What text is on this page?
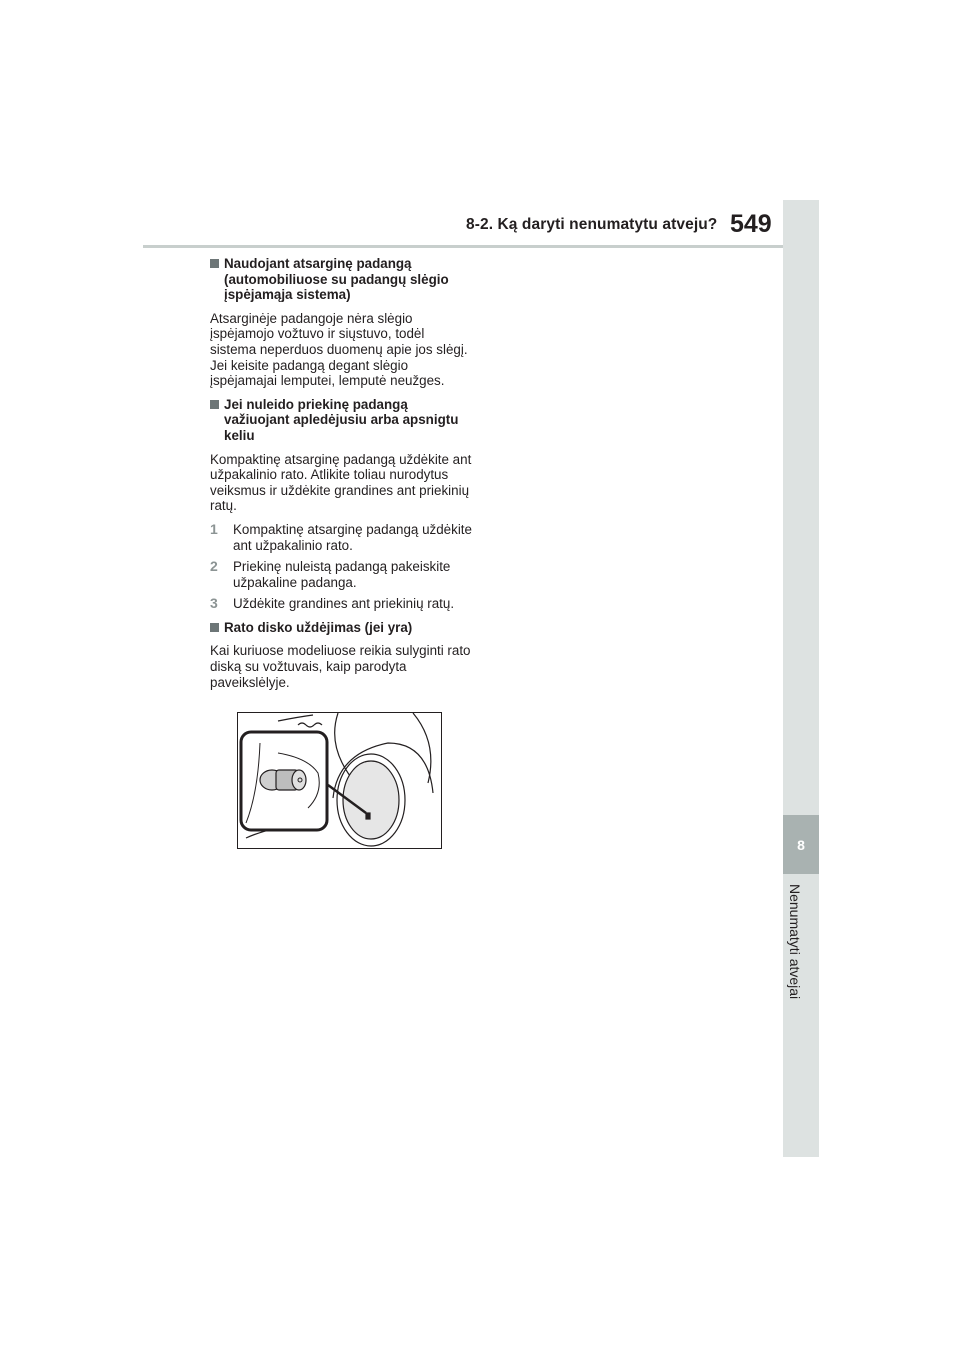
8-2. Ką daryti nenumatytu atveju? 549
8
Nenumatyti atvejai
Naudojant atsarginę padangą (automobiliuose su padangų slėgio įspėjamąja sistema)
Atsarginėje padangoje nėra slėgio įspėjamojo vožtuvo ir siųstuvo, todėl sistema neperduos duomenų apie jos slėgį. Jei keisite padangą degant slėgio įspėjamajai lemputei, lemputė neužges.
Jei nuleido priekinę padangą važiuojant apledėjusiu arba apsnigtu keliu
Kompaktinę atsarginę padangą uždėkite ant užpakalinio rato. Atlikite toliau nurodytus veiksmus ir uždėkite grandines ant priekinių ratų.
1 Kompaktinę atsarginę padangą uždėkite ant užpakalinio rato.
2 Priekinę nuleistą padangą pakeiskite užpakaline padanga.
3 Uždėkite grandines ant priekinių ratų.
Rato disko uždėjimas (jei yra)
Kai kuriuose modeliuose reikia sulyginti rato diską su vožtuvais, kaip parodyta paveikslėlyje.
